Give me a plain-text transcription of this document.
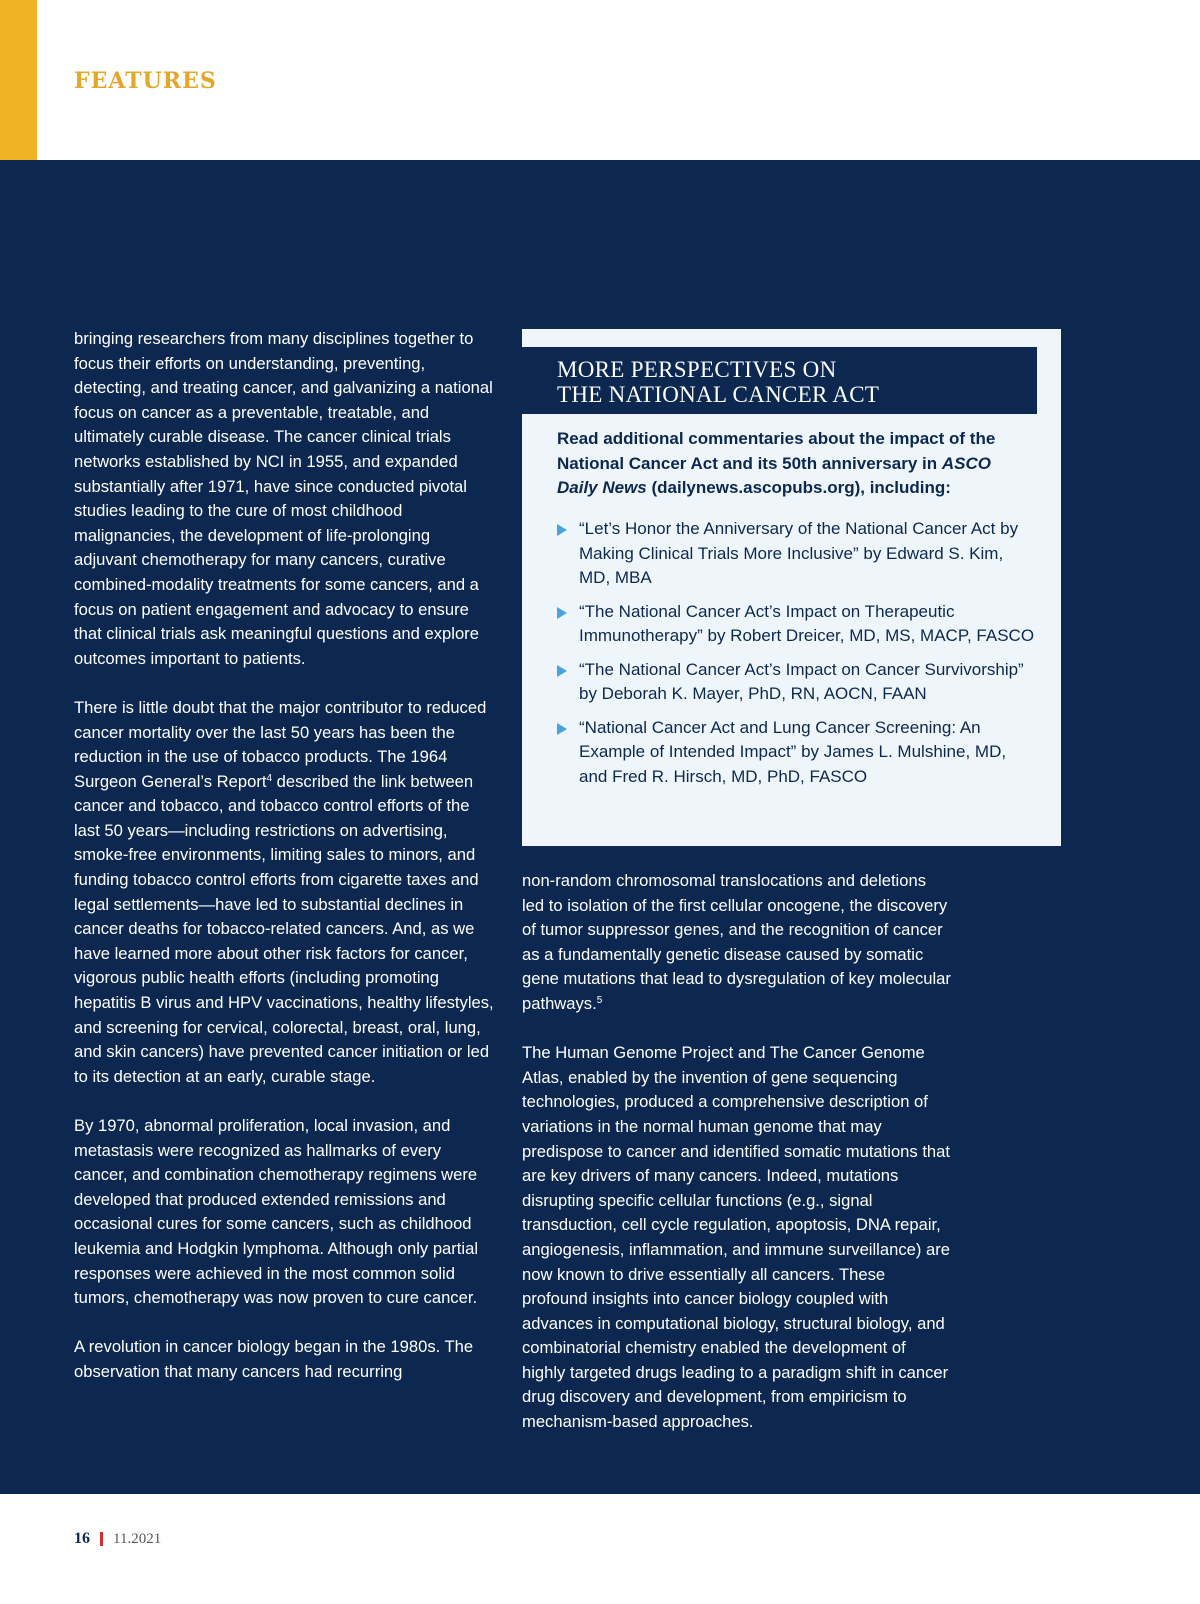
FEATURES

bringing researchers from many disciplines together to focus their efforts on understanding, preventing, detecting, and treating cancer, and galvanizing a national focus on cancer as a preventable, treatable, and ultimately curable disease. The cancer clinical trials networks established by NCI in 1955, and expanded substantially after 1971, have since conducted pivotal studies leading to the cure of most childhood malignancies, the development of life-prolonging adjuvant chemotherapy for many cancers, curative combined-modality treatments for some cancers, and a focus on patient engagement and advocacy to ensure that clinical trials ask meaningful questions and explore outcomes important to patients.

There is little doubt that the major contributor to reduced cancer mortality over the last 50 years has been the reduction in the use of tobacco products. The 1964 Surgeon General’s Report$^4$ described the link between cancer and tobacco, and tobacco control efforts of the last 50 years—including restrictions on advertising, smoke-free environments, limiting sales to minors, and funding tobacco control efforts from cigarette taxes and legal settlements—have led to substantial declines in cancer deaths for tobacco-related cancers. And, as we have learned more about other risk factors for cancer, vigorous public health efforts (including promoting hepatitis B virus and HPV vaccinations, healthy lifestyles, and screening for cervical, colorectal, breast, oral, lung, and skin cancers) have prevented cancer initiation or led to its detection at an early, curable stage.

By 1970, abnormal proliferation, local invasion, and metastasis were recognized as hallmarks of every cancer, and combination chemotherapy regimens were developed that produced extended remissions and occasional cures for some cancers, such as childhood leukemia and Hodgkin lymphoma. Although only partial responses were achieved in the most common solid tumors, chemotherapy was now proven to cure cancer.

A revolution in cancer biology began in the 1980s. The observation that many cancers had recurring

MORE PERSPECTIVES ON
THE NATIONAL CANCER ACT
Read additional commentaries about the impact of the National Cancer Act and its 50th anniversary in ASCO Daily News (dailynews.ascopubs.org), including:
“Let’s Honor the Anniversary of the National Cancer Act by Making Clinical Trials More Inclusive” by Edward S. Kim, MD, MBA
“The National Cancer Act’s Impact on Therapeutic Immunotherapy” by Robert Dreicer, MD, MS, MACP, FASCO
“The National Cancer Act’s Impact on Cancer Survivorship” by Deborah K. Mayer, PhD, RN, AOCN, FAAN
“National Cancer Act and Lung Cancer Screening: An Example of Intended Impact” by James L. Mulshine, MD, and Fred R. Hirsch, MD, PhD, FASCO

non-random chromosomal translocations and deletions led to isolation of the first cellular oncogene, the discovery of tumor suppressor genes, and the recognition of cancer as a fundamentally genetic disease caused by somatic gene mutations that lead to dysregulation of key molecular pathways.$^5$

The Human Genome Project and The Cancer Genome Atlas, enabled by the invention of gene sequencing technologies, produced a comprehensive description of variations in the normal human genome that may predispose to cancer and identified somatic mutations that are key drivers of many cancers. Indeed, mutations disrupting specific cellular functions (e.g., signal transduction, cell cycle regulation, apoptosis, DNA repair, angiogenesis, inflammation, and immune surveillance) are now known to drive essentially all cancers. These profound insights into cancer biology coupled with advances in computational biology, structural biology, and combinatorial chemistry enabled the development of highly targeted drugs leading to a paradigm shift in cancer drug discovery and development, from empiricism to mechanism-based approaches.

16 11.2021
